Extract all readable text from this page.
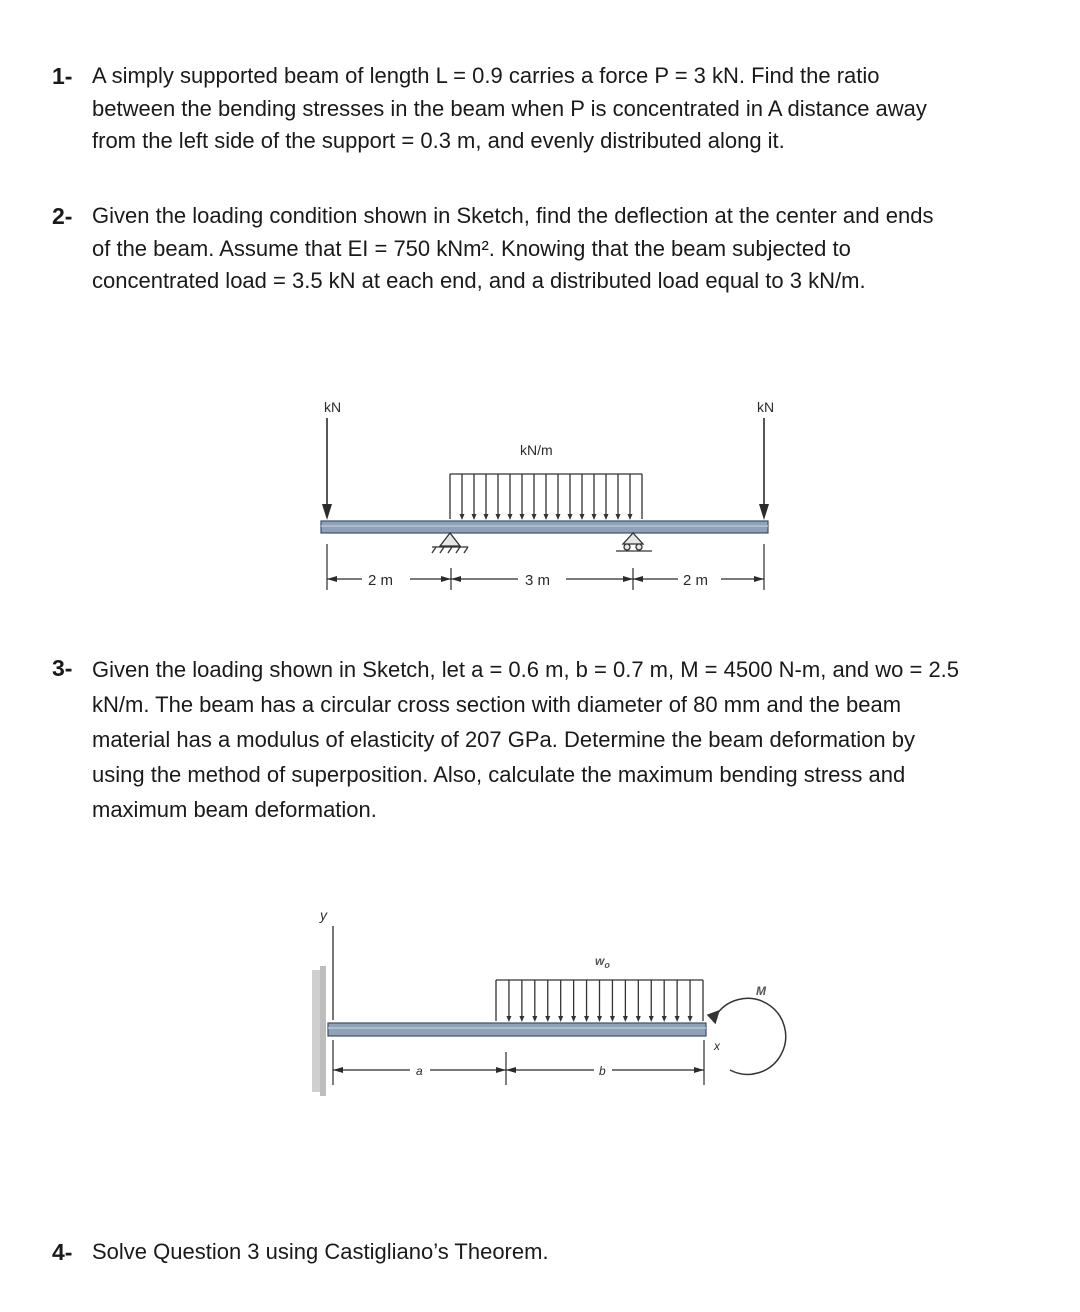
1- A simply supported beam of length L = 0.9 carries a force P = 3 kN. Find the ratio

between the bending stresses in the beam when P is concentrated in A distance away

from the left side of the support = 0.3 m, and evenly distributed along it.

2- Given the loading condition shown in Sketch, find the deflection at the center and ends

of the beam. Assume that EI = 750 kNm². Knowing that the beam subjected to

concentrated load = 3.5 kN at each end, and a distributed load equal to 3 kN/m.

kN	kN
kN/m
2 m	3 m	2 m
3- Given the loading shown in Sketch, let a = 0.6 m, b = 0.7 m, M = 4500 N-m, and wo = 2.5

kN/m. The beam has a circular cross section with diameter of 80 mm and the beam

material has a modulus of elasticity of 207 GPa. Determine the beam deformation by

using the method of superposition. Also, calculate the maximum bending stress and

maximum beam deformation.

y
$w_o$
M
x
a	b
4- Solve Question 3 using Castigliano’s Theorem.
